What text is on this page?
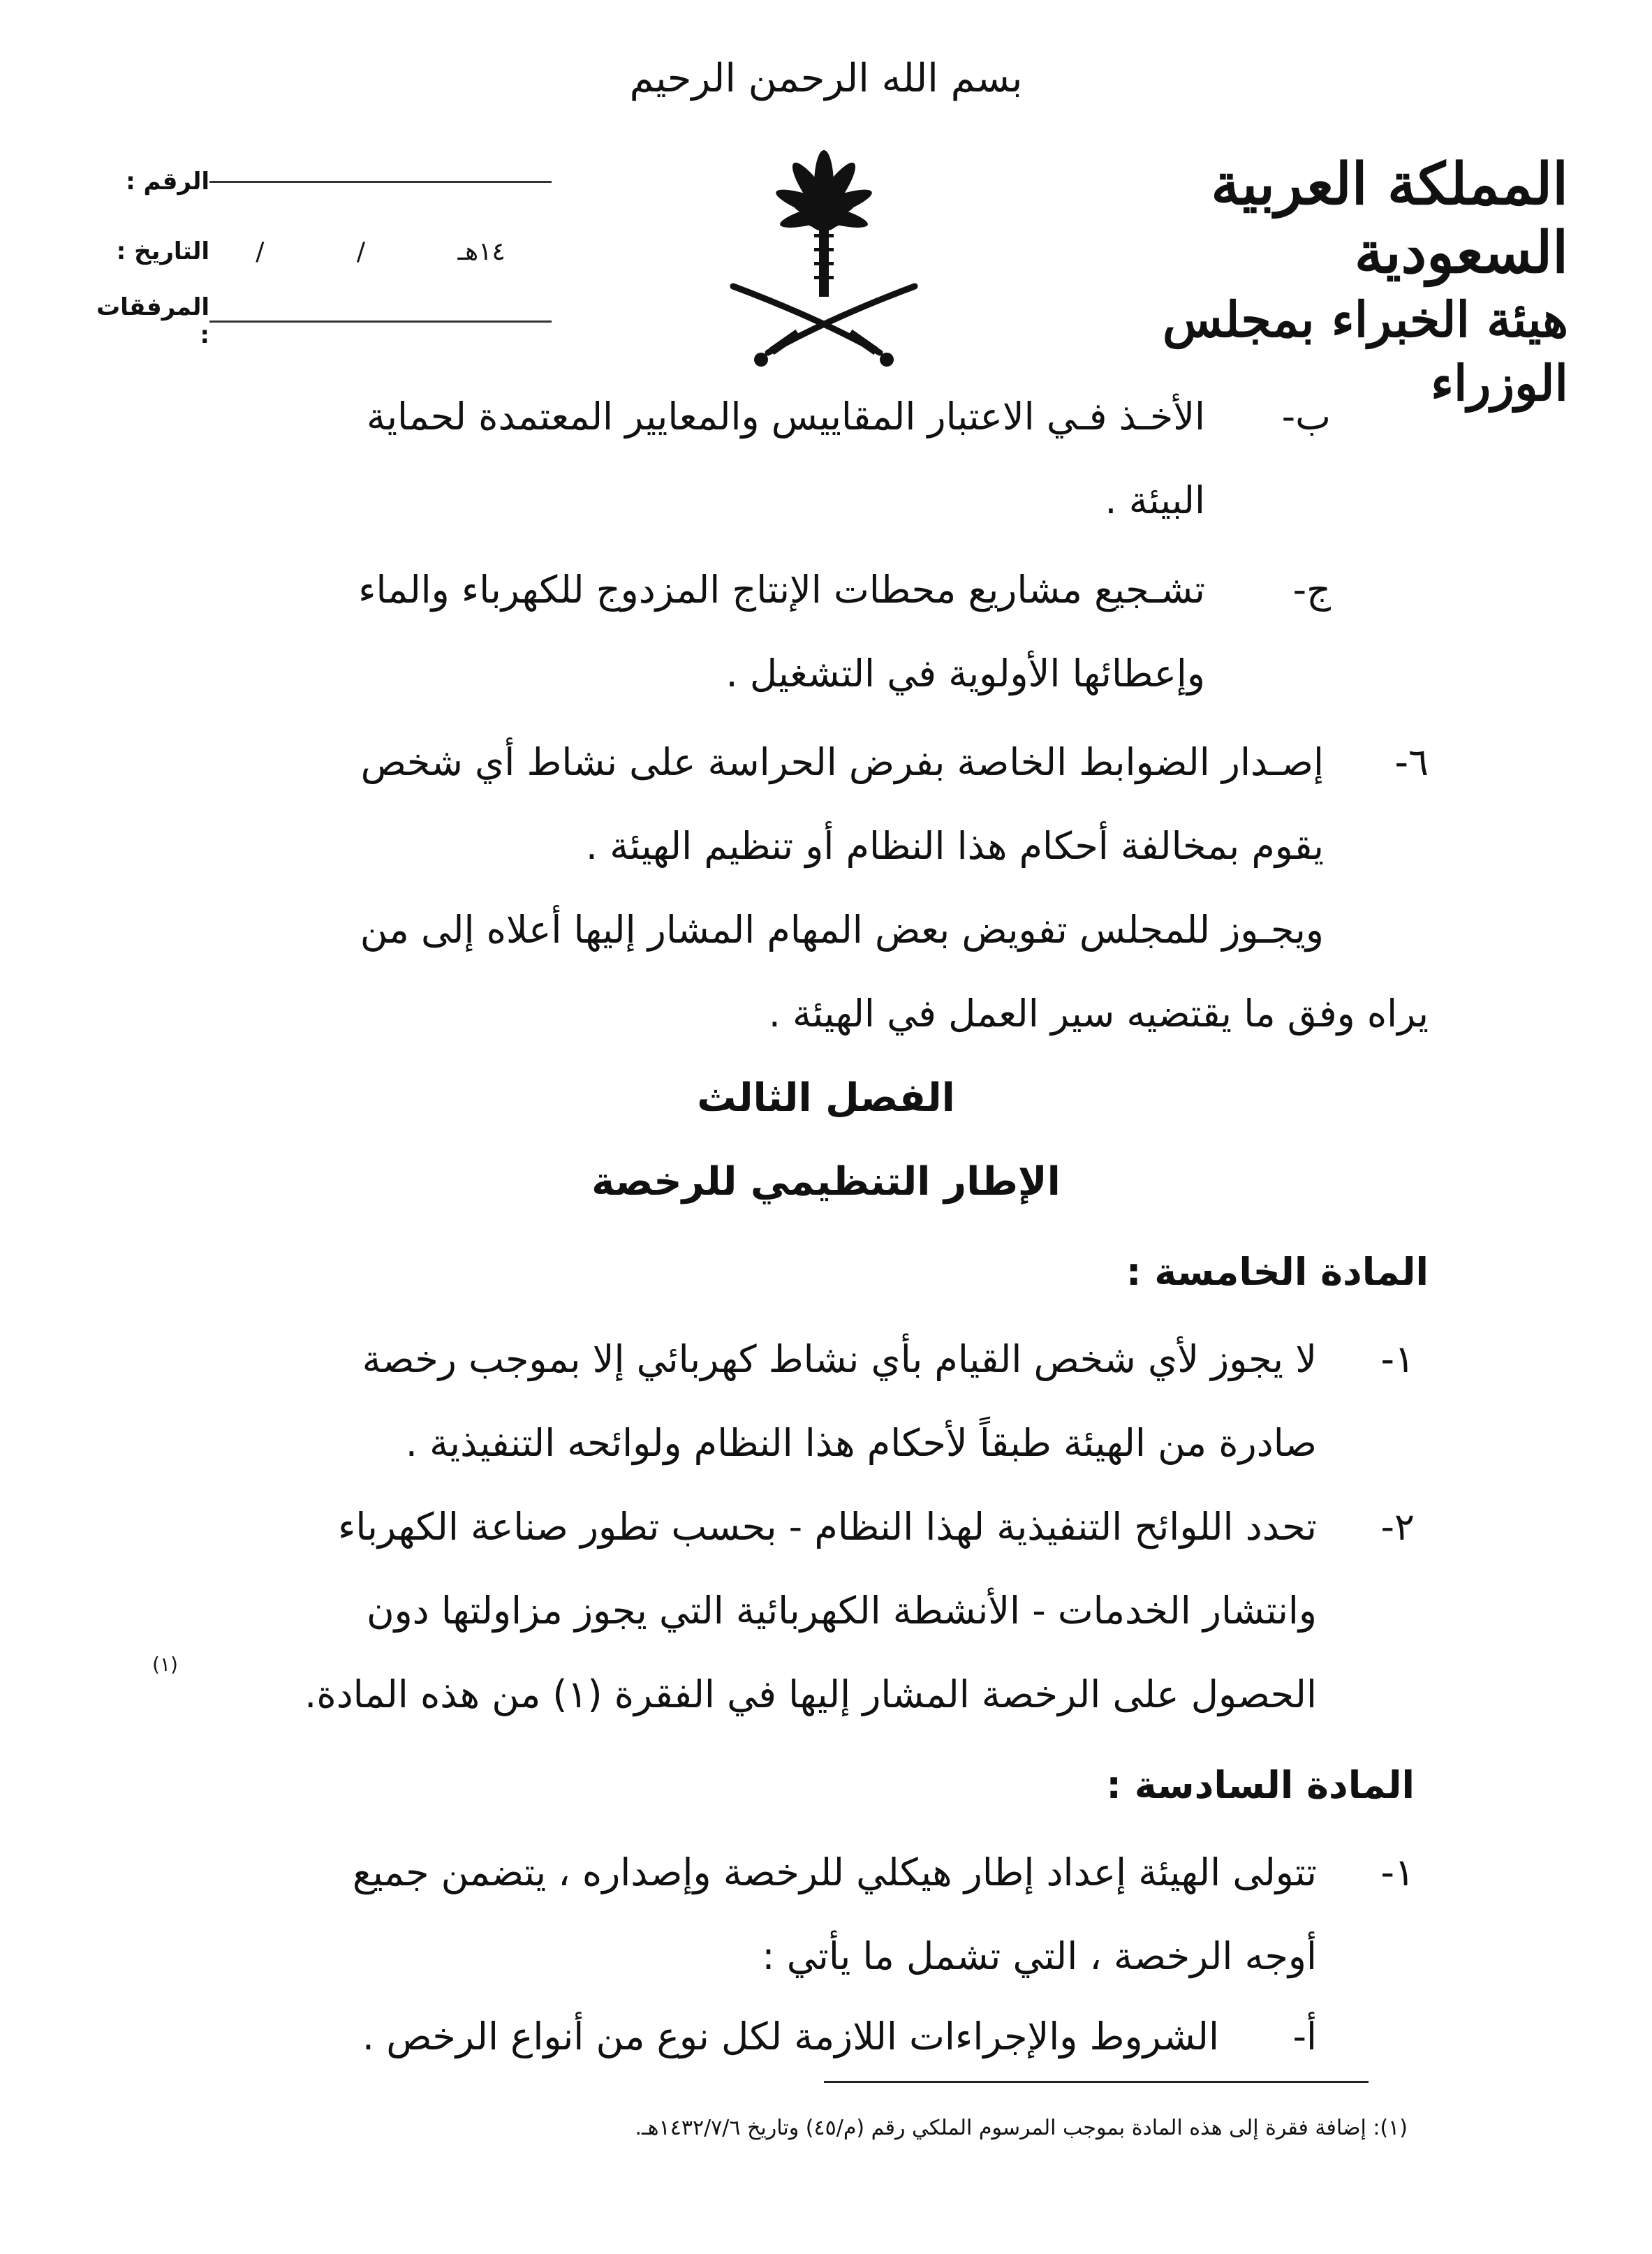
بسم الله الرحمن الرحيم
المملكة العربية السعودية
هيئة الخبراء بمجلس الوزراء
الرقم :
التاريخ : /	/	١٤هـ
المرفقات :
ب-
الأخـذ فـي الاعتبار المقاييس والمعايير المعتمدة لحماية
البيئة .
ج-
تشـجيع مشاريع محطات الإنتاج المزدوج للكهرباء والماء
وإعطائها الأولوية في التشغيل .
٦-
إصـدار الضوابط الخاصة بفرض الحراسة على نشاط أي شخص
يقوم بمخالفة أحكام هذا النظام أو تنظيم الهيئة .
ويجـوز للمجلس تفويض بعض المهام المشار إليها أعلاه إلى من
يراه وفق ما يقتضيه سير العمل في الهيئة .
الفصل الثالث
الإطار التنظيمي للرخصة
المادة الخامسة :
١-
لا يجوز لأي شخص القيام بأي نشاط كهربائي إلا بموجب رخصة
صادرة من الهيئة طبقاً لأحكام هذا النظام ولوائحه التنفيذية .
٢-
تحدد اللوائح التنفيذية لهذا النظام - بحسب تطور صناعة الكهرباء
وانتشار الخدمات - الأنشطة الكهربائية التي يجوز مزاولتها دون
الحصول على الرخصة المشار إليها في الفقرة (١) من هذه المادة.
(١)
المادة السادسة :
١-
تتولى الهيئة إعداد إطار هيكلي للرخصة وإصداره ، يتضمن جميع
أوجه الرخصة ، التي تشمل ما يأتي :
أ-
الشروط والإجراءات اللازمة لكل نوع من أنواع الرخص .
(١): إضافة فقرة إلى هذه المادة بموجب المرسوم الملكي رقم (م/٤٥) وتاريخ ١٤٣٢/٧/٦هـ.
